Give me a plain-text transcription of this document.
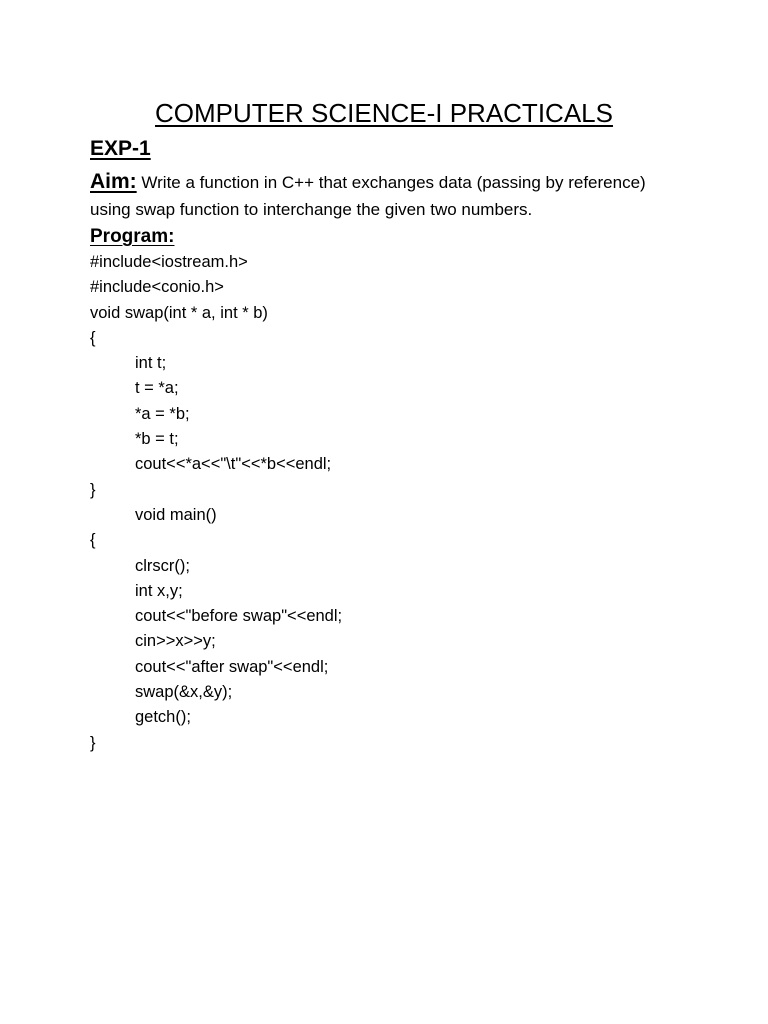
COMPUTER SCIENCE-I PRACTICALS
EXP-1
Aim: Write a function in C++ that exchanges data (passing by reference) using swap function to interchange the given two numbers.
Program:
#include<iostream.h>
#include<conio.h>
void swap(int * a, int * b)
{
int t;
t = *a;
*a = *b;
*b = t;
cout<<*a<<"\t"<<*b<<endl;
}
void main()
{
clrscr();
int x,y;
cout<<"before swap"<<endl;
cin>>x>>y;
cout<<"after swap"<<endl;
swap(&x,&y);
getch();
}
